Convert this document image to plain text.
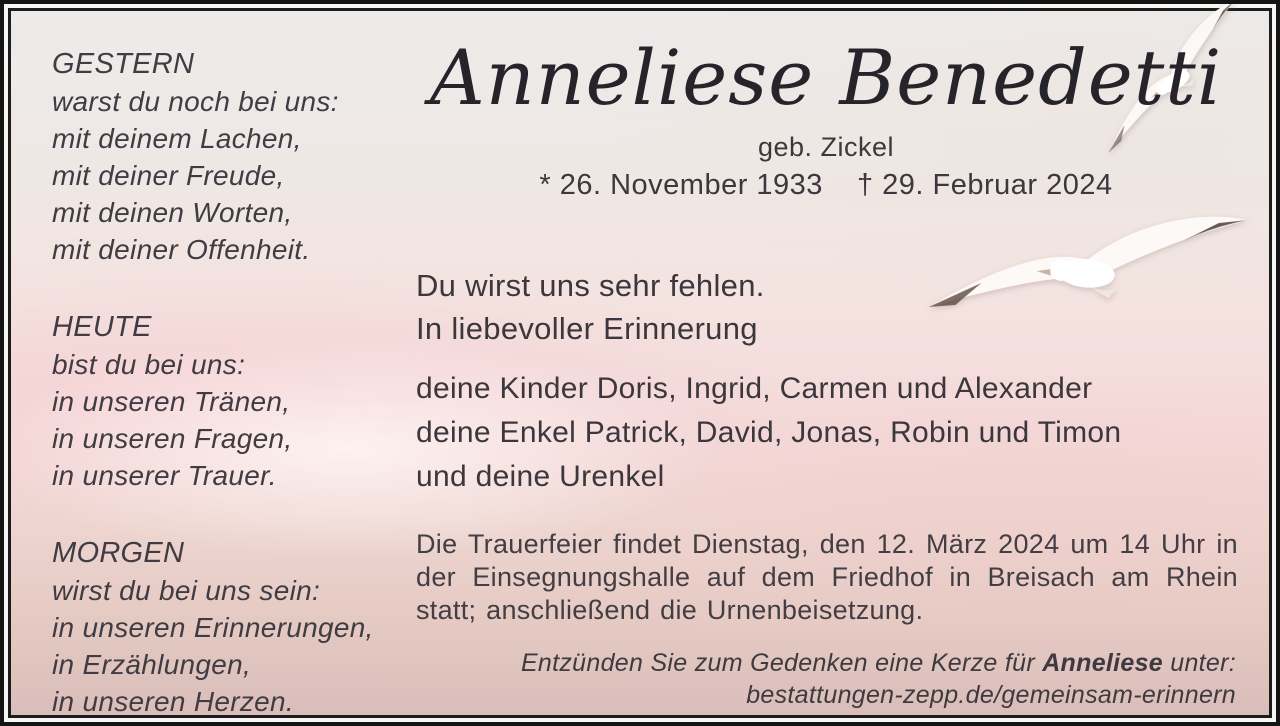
GESTERN
warst du noch bei uns:
mit deinem Lachen,
mit deiner Freude,
mit deinen Worten,
mit deiner Offenheit.
HEUTE
bist du bei uns:
in unseren Tränen,
in unseren Fragen,
in unserer Trauer.
MORGEN
wirst du bei uns sein:
in unseren Erinnerungen,
in Erzählungen,
in unseren Herzen.
Anneliese Benedetti
geb. Zickel
* 26. November 1933 † 29. Februar 2024
Du wirst uns sehr fehlen.
In liebevoller Erinnerung
deine Kinder Doris, Ingrid, Carmen und Alexander
deine Enkel Patrick, David, Jonas, Robin und Timon
und deine Urenkel
Die Trauerfeier findet Dienstag, den 12. März 2024 um 14 Uhr in der Einsegnungshalle auf dem Friedhof in Breisach am Rhein statt; anschließend die Urnenbeisetzung.
Entzünden Sie zum Gedenken eine Kerze für Anneliese unter:
bestattungen-zepp.de/gemeinsam-erinnern
